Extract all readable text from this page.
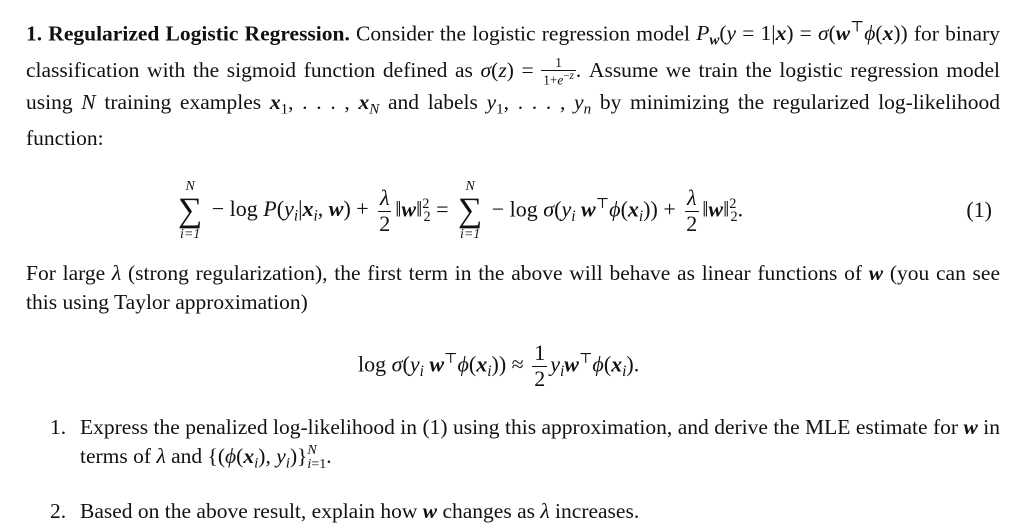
1. Regularized Logistic Regression. Consider the logistic regression model $P_w(y = 1|x) = \sigma(w^⊤\phi(x))$ for binary classification with the sigmoid function defined as $\sigma(z) = \frac{1}{1+e^{-z}}$ . Assume we train the logistic regression model using N training examples $x_1$, . . . , $x_N$ and labels $y_1$, . . . , $y_n$ by minimizing the regularized log-likelihood function:
N
∑
i=1
− $\log P(y_i|x_i$, $w) + \frac{\lambda}{2}$ ‖w‖$^2_2$ =
N
∑
i=1
− $\log \sigma(y_i$ $w^⊤\phi(x_i)) + \frac{\lambda}{2}$ ‖w‖$^2_2$.	(1)
For large λ (strong regularization), the first term in the above will behave as linear functions of w (you can see this using Taylor approximation)
$\log \sigma(y_i$ $w^⊤\phi(x_i)) \approx \frac{1}{2} y_iw^⊤\phi(x_i)$.
1. Express the penalized log-likelihood in (1) using this approximation, and derive the MLE estimate for w in terms of λ and {($\phi(x_i)$, $y_i$)} N
i=1 .
2. Based on the above result, explain how w changes as λ increases.
